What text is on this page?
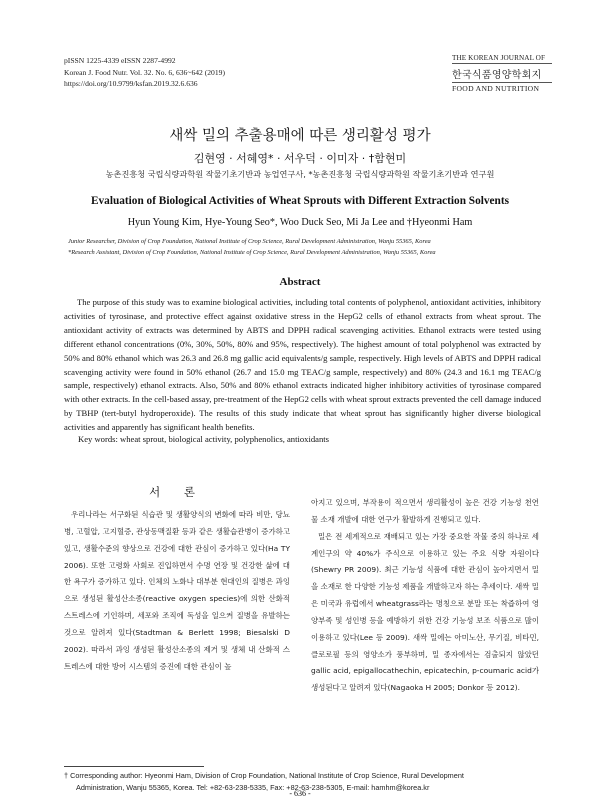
pISSN 1225-4339 eISSN 2287-4992
Korean J. Food Nutr. Vol. 32. No. 6, 636~642 (2019)
https://doi.org/10.9799/ksfan.2019.32.6.636
THE KOREAN JOURNAL OF
한국식품영양학회지
FOOD AND NUTRITION
새싹 밀의 추출용매에 따른 생리활성 평가
김현영 · 서혜영* · 서우덕 · 이미자 · †함현미
농촌진흥청 국립식량과학원 작물기초기반과 농업연구사, *농촌진흥청 국립식량과학원 작물기초기반과 연구원
Evaluation of Biological Activities of Wheat Sprouts with Different Extraction Solvents
Hyun Young Kim, Hye-Young Seo*, Woo Duck Seo, Mi Ja Lee and †Hyeonmi Ham
Junior Researcher, Division of Crop Foundation, National Institute of Crop Science, Rural Development Administration, Wanju 55365, Korea
*Research Assistant, Division of Crop Foundation, National Institute of Crop Science, Rural Development Administration, Wanju 55365, Korea
Abstract
The purpose of this study was to examine biological activities, including total contents of polyphenol, antioxidant activities, inhibitory activities of tyrosinase, and protective effect against oxidative stress in the HepG2 cells of ethanol extracts from wheat sprout. The antioxidant activity of extracts was determined by ABTS and DPPH radical scavenging activities. Ethanol extracts were tested using different ethanol concentrations (0%, 30%, 50%, 80% and 95%, respectively). The highest amount of total polyphenol was extracted by 50% and 80% ethanol which was 26.3 and 26.8 mg gallic acid equivalents/g sample, respectively. High levels of ABTS and DPPH radical scavenging activity were found in 50% ethanol (26.7 and 15.0 mg TEAC/g sample, respectively) and 80% (24.3 and 16.1 mg TEAC/g sample, respectively) ethanol extracts. Also, 50% and 80% ethanol extracts indicated higher inhibitory activities of tyrosinase compared with other extracts. In the cell-based assay, pre-treatment of the HepG2 cells with wheat sprout extracts prevented the cell damage induced by TBHP (tert-butyl hydroperoxide). The results of this study indicate that wheat sprout has significantly higher diverse biological activities and apparently has significant health benefits.
Key words: wheat sprout, biological activity, polyphenolics, antioxidants
서 론

우리나라는 서구화된 식습관 및 생활양식의 변화에 따라 비만, 당뇨병, 고혈압, 고지혈증, 관상동맥질환 등과 같은 생활습관병이 증가하고 있고, 생활수준의 향상으로 건강에 대한 관심이 증가하고 있다(Ha TY 2006). 또한 고령화 사회로 진입하면서 수명 연장 및 건강한 삶에 대한 욕구가 증가하고 있다. 인체의 노화나 대부분 현대인의 질병은 과잉으로 생성된 활성산소종(reactive oxygen species)에 의한 산화적 스트레스에 기인하며, 세포와 조직에 독성을 일으켜 질병을 유발하는 것으로 알려져 있다(Stadtman & Berlett 1998; Biesalski D 2002). 따라서 과잉 생성된 활성산소종의 제거 및 생체 내 산화적 스트레스에 대한 방어 시스템의 증진에 대한 관심이 높

아지고 있으며, 부작용이 적으면서 생리활성이 높은 건강 기능성 천연물 소재 개발에 대한 연구가 활발하게 진행되고 있다.

밀은 전 세계적으로 재배되고 있는 가장 중요한 작물 중의 하나로 세계인구의 약 40%가 주식으로 이용하고 있는 주요 식량 자원이다(Shewry PR 2009). 최근 기능성 식품에 대한 관심이 높아지면서 밀을 소재로 한 다양한 기능성 제품을 개발하고자 하는 추세이다. 새싹 밀은 미국과 유럽에서 wheatgrass라는 명칭으로 분말 또는 착즙하여 영양부족 및 성인병 등을 예방하기 위한 건강 기능성 보조 식품으로 많이 이용하고 있다(Lee 등 2009). 새싹 밀에는 아미노산, 무기질, 비타민, 클로로필 등의 영양소가 풍부하며, 밀 종자에서는 검출되지 않았던 gallic acid, epigallocathechin, epicatechin, p-coumaric acid가 생성된다고 알려져 있다(Nagaoka H 2005; Donkor 등 2012).

† Corresponding author: Hyeonmi Ham, Division of Crop Foundation, National Institute of Crop Science, Rural Development
Administration, Wanju 55365, Korea. Tel: +82-63-238-5335, Fax: +82-63-238-5305, E-mail: hamhm@korea.kr
- 636 -
